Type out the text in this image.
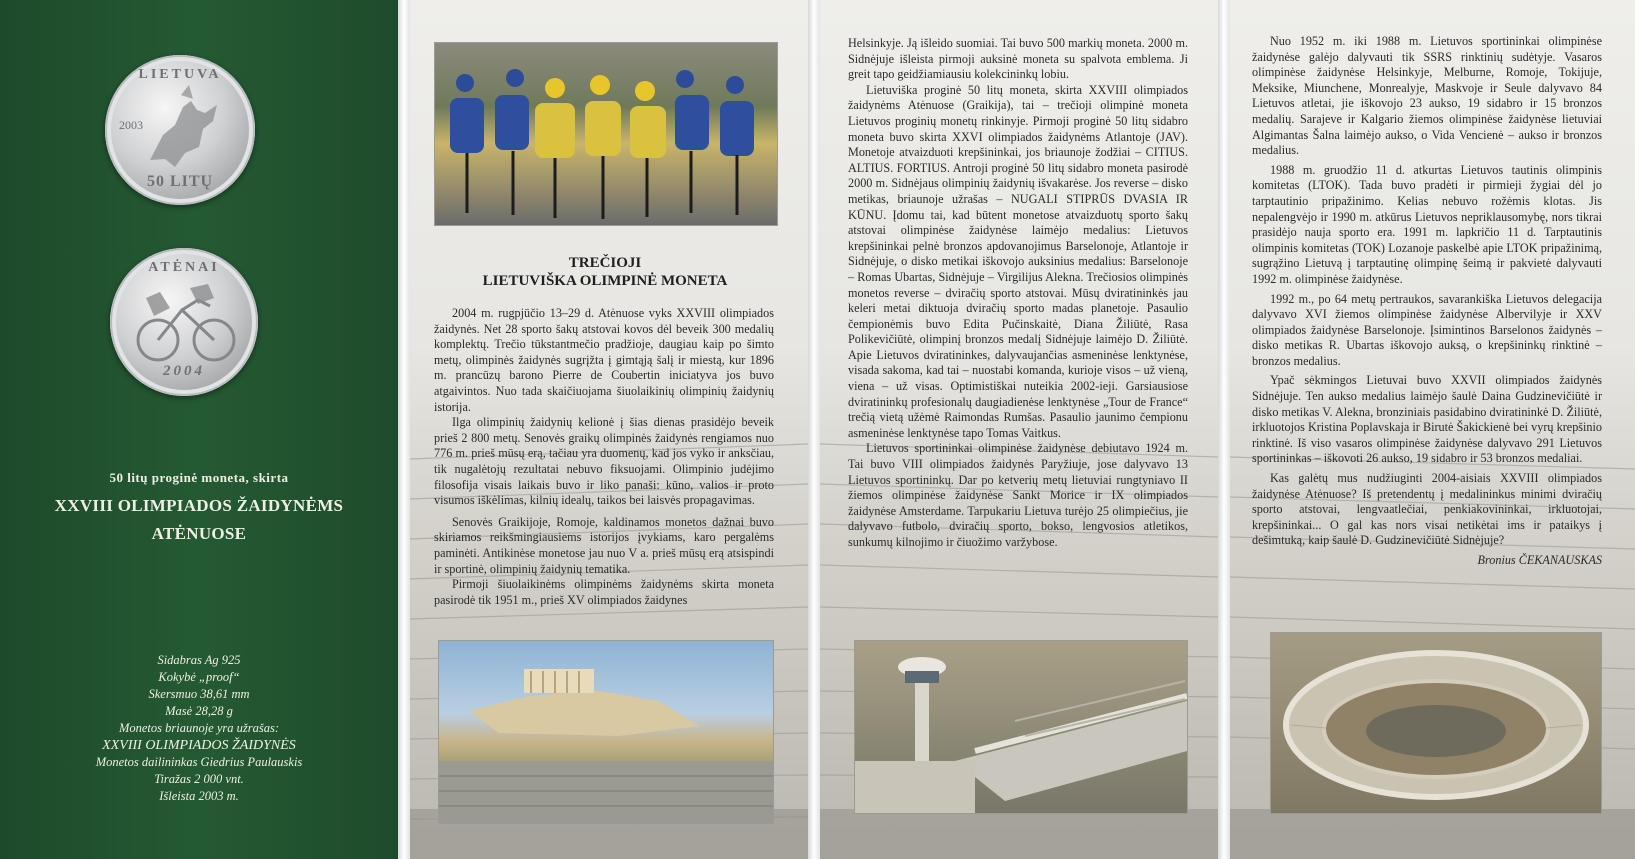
LIETUVA
2003
50 LITŲ
ATĖNAI
2004
50 litų proginė moneta, skirta
XXVIII OLIMPIADOS ŽAIDYNĖMS
ATĖNUOSE
Sidabras Ag 925
Kokybė „proof“
Skersmuo 38,61 mm
Masė 28,28 g
Monetos briaunoje yra užrašas:
XXVIII OLIMPIADOS ŽAIDYNĖS
Monetos dailininkas Giedrius Paulauskis
Tiražas 2 000 vnt.
Išleista 2003 m.
TREČIOJI
LIETUVIŠKA OLIMPINĖ MONETA

2004 m. rugpjūčio 13–29 d. Atėnuose vyks XXVIII olimpiados žaidynės. Net 28 sporto šakų atstovai kovos dėl beveik 300 medalių komplektų. Trečio tūkstantmečio pradžioje, daugiau kaip po šimto metų, olimpinės žaidynės sugrįžta į gimtąją šalį ir miestą, kur 1896 m. prancūzų barono Pierre de Coubertin iniciatyva jos buvo atgaivintos. Nuo tada skaičiuojama šiuolaikinių olimpinių žaidynių istorija.

Ilga olimpinių žaidynių kelionė į šias dienas prasidėjo beveik prieš 2 800 metų. Senovės graikų olimpinės žaidynės rengiamos nuo 776 m. prieš mūsų erą, tačiau yra duomenų, kad jos vyko ir anksčiau, tik nugalėtojų rezultatai nebuvo fiksuojami. Olimpinio judėjimo filosofija visais laikais buvo ir liko panaši: kūno, valios ir proto visumos iškėlimas, kilnių idealų, taikos bei laisvės propagavimas.

Senovės Graikijoje, Romoje, kaldinamos monetos dažnai buvo skiriamos reikšmingiausiems istorijos įvykiams, karo pergalėms paminėti. Antikinėse monetose jau nuo V a. prieš mūsų erą atsispindi ir sportinė, olimpinių žaidynių tematika.

Pirmoji šiuolaikinėms olimpinėms žaidynėms skirta moneta pasirodė tik 1951 m., prieš XV olimpiados žaidynes

Helsinkyje. Ją išleido suomiai. Tai buvo 500 markių moneta. 2000 m. Sidnėjuje išleista pirmoji auksinė moneta su spalvota emblema. Ji greit tapo geidžiamiausiu kolekcininkų lobiu.

Lietuviška proginė 50 litų moneta, skirta XXVIII olimpiados žaidynėms Atėnuose (Graikija), tai – trečioji olimpinė moneta Lietuvos proginių monetų rinkinyje. Pirmoji proginė 50 litų sidabro moneta buvo skirta XXVI olimpiados žaidynėms Atlantoje (JAV). Monetoje atvaizduoti krepšininkai, jos briaunoje žodžiai – CITIUS. ALTIUS. FORTIUS. Antroji proginė 50 litų sidabro moneta pasirodė 2000 m. Sidnėjaus olimpinių žaidynių išvakarėse. Jos reverse – disko metikas, briaunoje užrašas – NUGALI STIPRŪS DVASIA IR KŪNU. Įdomu tai, kad būtent monetose atvaizduotų sporto šakų atstovai olimpinėse žaidynėse laimėjo medalius: Lietuvos krepšininkai pelnė bronzos apdovanojimus Barselonoje, Atlantoje ir Sidnėjuje, o disko metikai iškovojo auksinius medalius: Barselonoje – Romas Ubartas, Sidnėjuje – Virgilijus Alekna. Trečiosios olimpinės monetos reverse – dviračių sporto atstovai. Mūsų dviratininkės jau keleri metai diktuoja dviračių sporto madas planetoje. Pasaulio čempionėmis buvo Edita Pučinskaitė, Diana Žiliūtė, Rasa Polikevičiūtė, olimpinį bronzos medalį Sidnėjuje laimėjo D. Žiliūtė. Apie Lietuvos dviratininkes, dalyvaujančias asmeninėse lenktynėse, visada sakoma, kad tai – nuostabi komanda, kurioje visos – už vieną, viena – už visas. Optimistiškai nuteikia 2002-ieji. Garsiausiose dviratininkų profesionalų daugiadienėse lenktynėse „Tour de France“ trečią vietą užėmė Raimondas Rumšas. Pasaulio jaunimo čempionu asmeninėse lenktynėse tapo Tomas Vaitkus.

Lietuvos sportininkai olimpinėse žaidynėse debiutavo 1924 m. Tai buvo VIII olimpiados žaidynės Paryžiuje, jose dalyvavo 13 Lietuvos sportininkų. Dar po ketverių metų lietuviai rungtyniavo II žiemos olimpinėse žaidynėse Sankt Morice ir IX olimpiados žaidynėse Amsterdame. Tarpukariu Lietuva turėjo 25 olimpiečius, jie dalyvavo futbolo, dviračių sporto, bokso, lengvosios atletikos, sunkumų kilnojimo ir čiuožimo varžybose.

Nuo 1952 m. iki 1988 m. Lietuvos sportininkai olimpinėse žaidynėse galėjo dalyvauti tik SSRS rinktinių sudėtyje. Vasaros olimpinėse žaidynėse Helsinkyje, Melburne, Romoje, Tokijuje, Meksike, Miunchene, Monrealyje, Maskvoje ir Seule dalyvavo 84 Lietuvos atletai, jie iškovojo 23 aukso, 19 sidabro ir 15 bronzos medalių. Sarajeve ir Kalgario žiemos olimpinėse žaidynėse lietuviai Algimantas Šalna laimėjo aukso, o Vida Vencienė – aukso ir bronzos medalius.

1988 m. gruodžio 11 d. atkurtas Lietuvos tautinis olimpinis komitetas (LTOK). Tada buvo pradėti ir pirmieji žygiai dėl jo tarptautinio pripažinimo. Kelias nebuvo rožėmis klotas. Jis nepalengvėjo ir 1990 m. atkūrus Lietuvos nepriklausomybę, nors tikrai prasidėjo nauja sporto era. 1991 m. lapkričio 11 d. Tarptautinis olimpinis komitetas (TOK) Lozanoje paskelbė apie LTOK pripažinimą, sugrąžino Lietuvą į tarptautinę olimpinę šeimą ir pakvietė dalyvauti 1992 m. olimpinėse žaidynėse.

1992 m., po 64 metų pertraukos, savarankiška Lietuvos delegacija dalyvavo XVI žiemos olimpinėse žaidynėse Albervilyje ir XXV olimpiados žaidynėse Barselonoje. Įsimintinos Barselonos žaidynės – disko metikas R. Ubartas iškovojo auksą, o krepšininkų rinktinė – bronzos medalius.

Ypač sėkmingos Lietuvai buvo XXVII olimpiados žaidynės Sidnėjuje. Ten aukso medalius laimėjo šaulė Daina Gudzinevičiūtė ir disko metikas V. Alekna, bronziniais pasidabino dviratininkė D. Žiliūtė, irkluotojos Kristina Poplavskaja ir Birutė Šakickienė bei vyrų krepšinio rinktinė. Iš viso vasaros olimpinėse žaidynėse dalyvavo 291 Lietuvos sportininkas – iškovoti 26 aukso, 19 sidabro ir 53 bronzos medaliai.

Kas galėtų mus nudžiuginti 2004-aisiais XXVIII olimpiados žaidynėse Atėnuose? Iš pretendentų į medalininkus minimi dviračių sporto atstovai, lengvaatlečiai, penkiakovininkai, irkluotojai, krepšininkai... O gal kas nors visai netikėtai ims ir pataikys į dešimtuką, kaip šaulė D. Gudzinevičiūtė Sidnėjuje?

Bronius ČEKANAUSKAS
